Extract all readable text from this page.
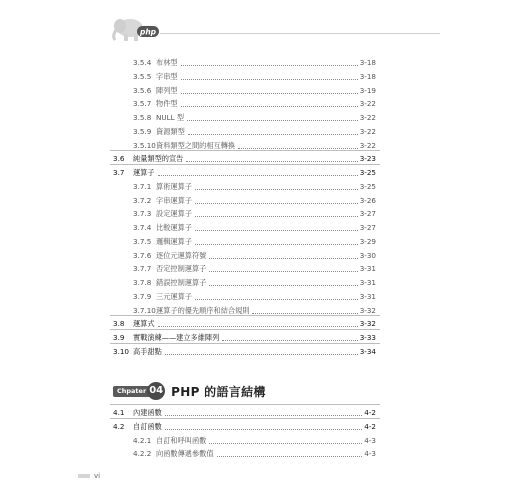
php
3.5.4 布林型	3-18
3.5.5 字串型	3-18
3.5.6 陣列型	3-19
3.5.7 物件型	3-22
3.5.8 NULL 型	3-22
3.5.9 資源類型	3-22
3.5.10 資料類型之間的相互轉換	3-22
3.6	純量類型的宣告	3-23
3.7	運算子	3-25
3.7.1 算術運算子	3-25
3.7.2 字串運算子	3-26
3.7.3 設定運算子	3-27
3.7.4 比較運算子	3-27
3.7.5 邏輯運算子	3-29
3.7.6 逐位元運算符號	3-30
3.7.7 否定控制運算子	3-31
3.7.8 錯誤控制運算子	3-31
3.7.9 三元運算子	3-31
3.7.10 運算子的優先順序和結合規則	3-32
3.8	運算式	3-32
3.9	實戰演練——建立多維陣列	3-33
3.10 高手甜點	3-34
Chpater 04 PHP 的語言結構
4.1	內建函數	4-2
4.2	自訂函數	4-2
4.2.1 自訂和呼叫函數	4-3
4.2.2 向函數傳遞參數值	4-3
vi
